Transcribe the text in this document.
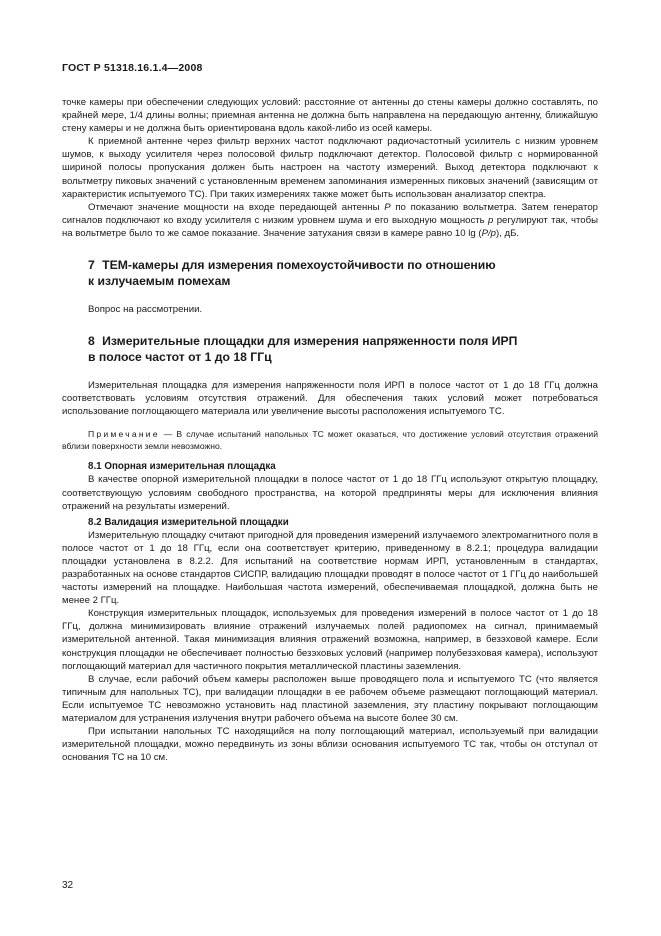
ГОСТ Р 51318.16.1.4—2008

точке камеры при обеспечении следующих условий: расстояние от антенны до стены камеры должно составлять, по крайней мере, 1/4 длины волны; приемная антенна не должна быть направлена на передающую антенну, ближайшую стену камеры и не должна быть ориентирована вдоль какой-либо из осей камеры.

К приемной антенне через фильтр верхних частот подключают радиочастотный усилитель с низким уровнем шумов, к выходу усилителя через полосовой фильтр подключают детектор. Полосовой фильтр с нормированной шириной полосы пропускания должен быть настроен на частоту измерений. Выход детектора подключают к вольтметру пиковых значений с установленным временем запоминания измеренных пиковых значений (зависящим от характеристик испытуемого ТС). При таких измерениях также может быть использован анализатор спектра.

Отмечают значение мощности на входе передающей антенны P по показанию вольтметра. Затем генератор сигналов подключают ко входу усилителя с низким уровнем шума и его выходную мощность p регулируют так, чтобы на вольтметре было то же самое показание. Значение затухания связи в камере равно 10 lg (P/p), дБ.

7 ТЕМ-камеры для измерения помехоустойчивости по отношению
к излучаемым помехам

Вопрос на рассмотрении.

8 Измерительные площадки для измерения напряженности поля ИРП
в полосе частот от 1 до 18 ГГц

Измерительная площадка для измерения напряженности поля ИРП в полосе частот от 1 до 18 ГГц должна соответствовать условиям отсутствия отражений. Для обеспечения таких условий может потребоваться использование поглощающего материала или увеличение высоты расположения испытуемого ТС.

Примечание — В случае испытаний напольных ТС может оказаться, что достижение условий отсутствия отражений вблизи поверхности земли невозможно.

8.1 Опорная измерительная площадка

В качестве опорной измерительной площадки в полосе частот от 1 до 18 ГГц используют открытую площадку, соответствующую условиям свободного пространства, на которой предприняты меры для исключения влияния отражений на результаты измерений.

8.2 Валидация измерительной площадки

Измерительную площадку считают пригодной для проведения измерений излучаемого электромагнитного поля в полосе частот от 1 до 18 ГГц, если она соответствует критерию, приведенному в 8.2.1; процедура валидации площадки установлена в 8.2.2. Для испытаний на соответствие нормам ИРП, установленным в стандартах, разработанных на основе стандартов СИСПР, валидацию площадки проводят в полосе частот от 1 ГГц до наибольшей частоты измерений на площадке. Наибольшая частота измерений, обеспечиваемая площадкой, должна быть не менее 2 ГГц.

Конструкция измерительных площадок, используемых для проведения измерений в полосе частот от 1 до 18 ГГц, должна минимизировать влияние отражений излучаемых полей радиопомех на сигнал, принимаемый измерительной антенной. Такая минимизация влияния отражений возможна, например, в безэховой камере. Если конструкция площадки не обеспечивает полностью безэховых условий (например полубезэховая камера), используют поглощающий материал для частичного покрытия металлической пластины заземления.

В случае, если рабочий объем камеры расположен выше проводящего пола и испытуемого ТС (что является типичным для напольных ТС), при валидации площадки в ее рабочем объеме размещают поглощающий материал. Если испытуемое ТС невозможно установить над пластиной заземления, эту пластину покрывают поглощающим материалом для устранения излучения внутри рабочего объема на высоте более 30 см.

При испытании напольных ТС находящийся на полу поглощающий материал, используемый при валидации измерительной площадки, можно передвинуть из зоны вблизи основания испытуемого ТС так, чтобы он отступал от основания ТС на 10 см.

32
